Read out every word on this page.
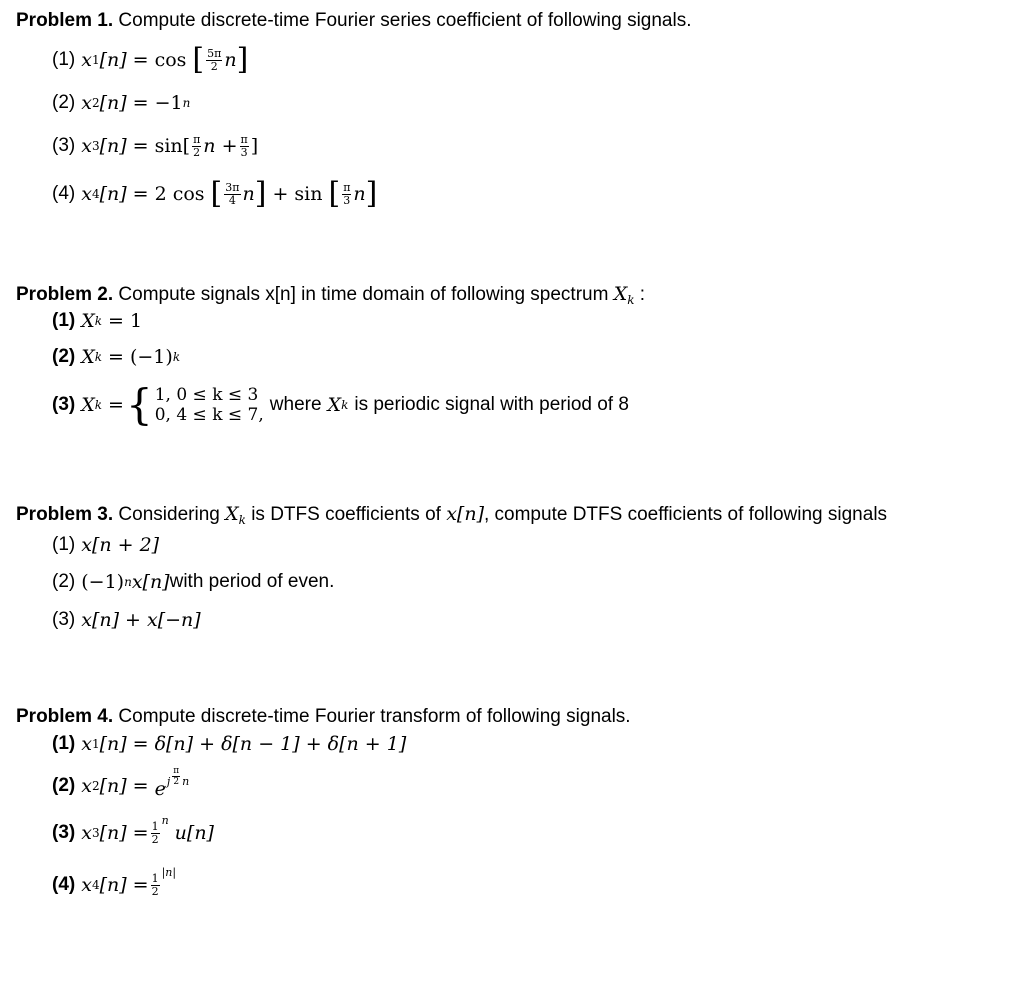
Problem 1. Compute discrete-time Fourier series coefficient of following signals.
(1) x 1 [n] = cos [ $\frac{5\pi}{2}$ n ]
(2) x 2 [n] = −1 n
(3) x 3 $[n] = \sin[ \frac{\pi}{2}$ $n + \frac{\pi}{3}$ ]
(4) x 4 [n] = 2 cos [ $\frac{3\pi}{4}$ n ] + sin [ $\frac{\pi}{3}$ n ]
Problem 2. Compute signals x[n] in time domain of following spectrum $X_k$ :
(1) X k = 1
(2) X k = (−1) k
(3) X k = { 1, 0 ≤ k ≤ 3
0, 4 ≤ k ≤ 7, where X k is periodic signal with period of 8
Problem 3. Considering $X_k$ is DTFS coefficients of x[n], compute DTFS coefficients of following signals
(1) x[n + 2]
(2) (−1) n x[n] with period of even.
(3) x[n] + x[−n]
Problem 4. Compute discrete-time Fourier transform of following signals.
(1) x 1 [n] = δ[n] + δ[n − 1] + δ[n + 1]
(2) x 2 [n] = e j $\frac{\pi}{2}$ n
(3) x 3 $[n] = \frac{1}{2}$ n
u[n]
(4) x 4 $[n] = \frac{1}{2} |n|$
